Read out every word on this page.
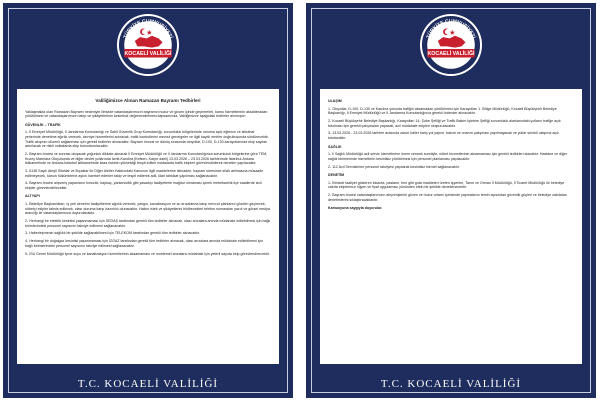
TÜRKİYE CUMHURİYETİ
KOCAELİ VALİLİĞİ
Valiliğimizce Alınan Ramazan Bayramı Tedbirleri

Yaklaşmakta olan Ramazan Bayramı nedeniyle ilimizde vatandaşlarımızın bayramın huzur ve güven içinde geçirmeleri, kamu hizmetlerinin aksatılmadan yürütülmesi ve vatandaşlarımızın talep ve şikâyetlerinin kesintisiz değerlendirilmesi kapsamında, Valiliğimizce aşağıdaki tedbirler alınmıştır:

GÜVENLİK – TRAFİK

1- İl Emniyet Müdürlüğü, İl Jandarma Komutanlığı ve Sahil Güvenlik Grup Komutanlığı, sorumluluk bölgelerinde umuma açık eğlence ve istirahat yerlerinde denetime ağırlık verecek, devriye hizmetlerini artıracak, trafik kontrollerini mevcut genelgeler ve ilgili kayıtlı emirler doğrultusunda sürdürecektir. Trafik akışının düzenli sağlanması için gerekli tedbirler alınacaktır. Bayram öncesi ve dönüş sırasında otoyollar, D-100, D-130 karayollarında ekip sayıları artırılacak ve riskli noktalarda ekip bulundurulacaktır.

2- Bayram öncesi ve sonrası oluşacak yoğunluk dikkate alınarak İl Emniyet Müdürlüğü ve İl Jandarma Komutanlığınca sorumluluk bölgelerine göre TEM, Kuzey Marmara Otoyolunda ve diğer devlet yollarında İzmit-Kandıra (Kefken- Karpe dahil) 13.03.2026 – 23.03.2026 tarihlerinde İstanbul-Ankara istikametinde ve Ankara-İstanbul istikametinde kaza riskinin yüksekliği tespit edilen noktalarda trafik ekipleri görevlendirilerek denetim yapılacaktır.

3- 6136 Sayılı Ateşli Silahlar ve Bıçaklar İle Diğer Aletler Hakkındaki Kanunun ilgili maddelerine istinaden, bayram süresince silah atılmasına müsaade edilmeyecek, kanun hükümlerine aykırı hareket edenler takip ve tespit edilerek adli, idari tahkikat yapılması sağlanacaktır.

4- Bayram öncesi alışveriş yapanların hırsızlık, kapkaç, yankesicilik gibi yasadışı faaliyetlerle mağdur olmaması içinek metrekarelik ilçe saatlerde sivil ekipler görevlendirilecektir.

ALTYAPI

1- Belediye Başkanlıkları, iş yeri denetim faaliyetlerine ağırlık verecek; yangın, kanalizasyon ve su arızalarına karşı mevcut planlarını gözden geçirecek, nöbetçi ekipler tahsis edilecek, olası duruma karşı hazırlıklı olunacaktır. Halkın istek ve şikâyetlerini bildirecekleri telefon numaraları yazılı ve görsel medya aracılığı ile vatandaşlarımıza duyurulacaktır.

2- Herhangi bir elektrik kesintisi yaşanmaması için SEDAŞ tarafından gerekli tüm tedbirler alınacak, olası arızalara anında müdahale edilebilmesi için bağlı birimlerindeki personel sayısının takviye edilmesi sağlanacaktır.

3- Haberleşmenin sağlıklı bir şekilde sağlanabilmesi için TELEKOM tarafından gerekli tüm tedbirler alınacaktır.

4- Herhangi bir doğalgaz kesintisi yaşanmaması için İZGAZ tarafından gerekli tüm tedbirler alınacak, olası arızalara anında müdahale edilebilmesi için bağlı birimlerindeki personel sayısının takviye edilmesi sağlanacaktır.

5- İSU Genel Müdürlüğü içme suyu ve kanalizasyon hizmetlerinin aksamaması ve muhtemel arızalara müdahale için yeterli sayıda ekip görevlendirecektir.

T.C. KOCAELİ VALİLİĞİ
TÜRKİYE CUMHURİYETİ
KOCAELİ VALİLİĞİ
ULAŞIM

1- Otoyollar, D-100, D-130 ve Kandıra yolunda trafiğin aksamadan yürütülmesi için Karayolları 1. Bölge Müdürlüğü, Kocaeli Büyükşehir Belediye Başkanlığı, İl Emniyet Müdürlüğü ve İl Jandarma Komutanlığınca gerekli önlemler alınacaktır.

2- Kocaeli Büyükşehir Belediye Başkanlığı, Karayolları 14. Şube Şefliği ve Trafik Bakım İşletme Şefliği sorumluluk alanlarındaki yolların trafiğe açık tutulması için gerekli çalışmaları yapacak, acil müdahale ekipleri oluşturulacaktır.

3- 13.03.2026 - 23.03.2026 tarihleri arasında zaruri haller hariç yol yapım, bakım ve onarım çalışması yapılmayacak ve yollar sürekli ulaşıma açık tutulacaktır.

SAĞLIK

1- İl Sağlık Müdürlüğü acil servis hizmetlerine önem vermek suretiyle, nöbet hizmetlerinin aksamaması için gerekli tedbirleri alacaktır. Hastane ve diğer sağlık birimlerinde hizmetlerin kesintisiz yürütülmesi için personel planlaması yapılacaktır.

2- 112 Acil Servislerine personel takviyesi yapılarak kesintisiz hizmet sağlanacaktır.

DENETİM

1- İlimizde faaliyet gösteren lokanta, pastane, fırın gibi gıda maddeleri üreten işyerleri, Tarım ve Orman İl Müdürlüğü, İl Ticaret Müdürlüğü ile belediye zabıta ekiplerince hijyen ve fiyat uygulaması yönünden etkin bir şekilde denetlenecektir.

2- Bayram öncesi vatandaşlarımızın alışverişlerini güven ve huzur ortamı içerisinde yapmalarını temin açısından güvenlik güçleri ve belediye zabıtaları denetimlerini sıklaştıracaklardır.

Kamuoyuna saygıyla duyurulur.
T.C. KOCAELİ VALİLİĞİ
